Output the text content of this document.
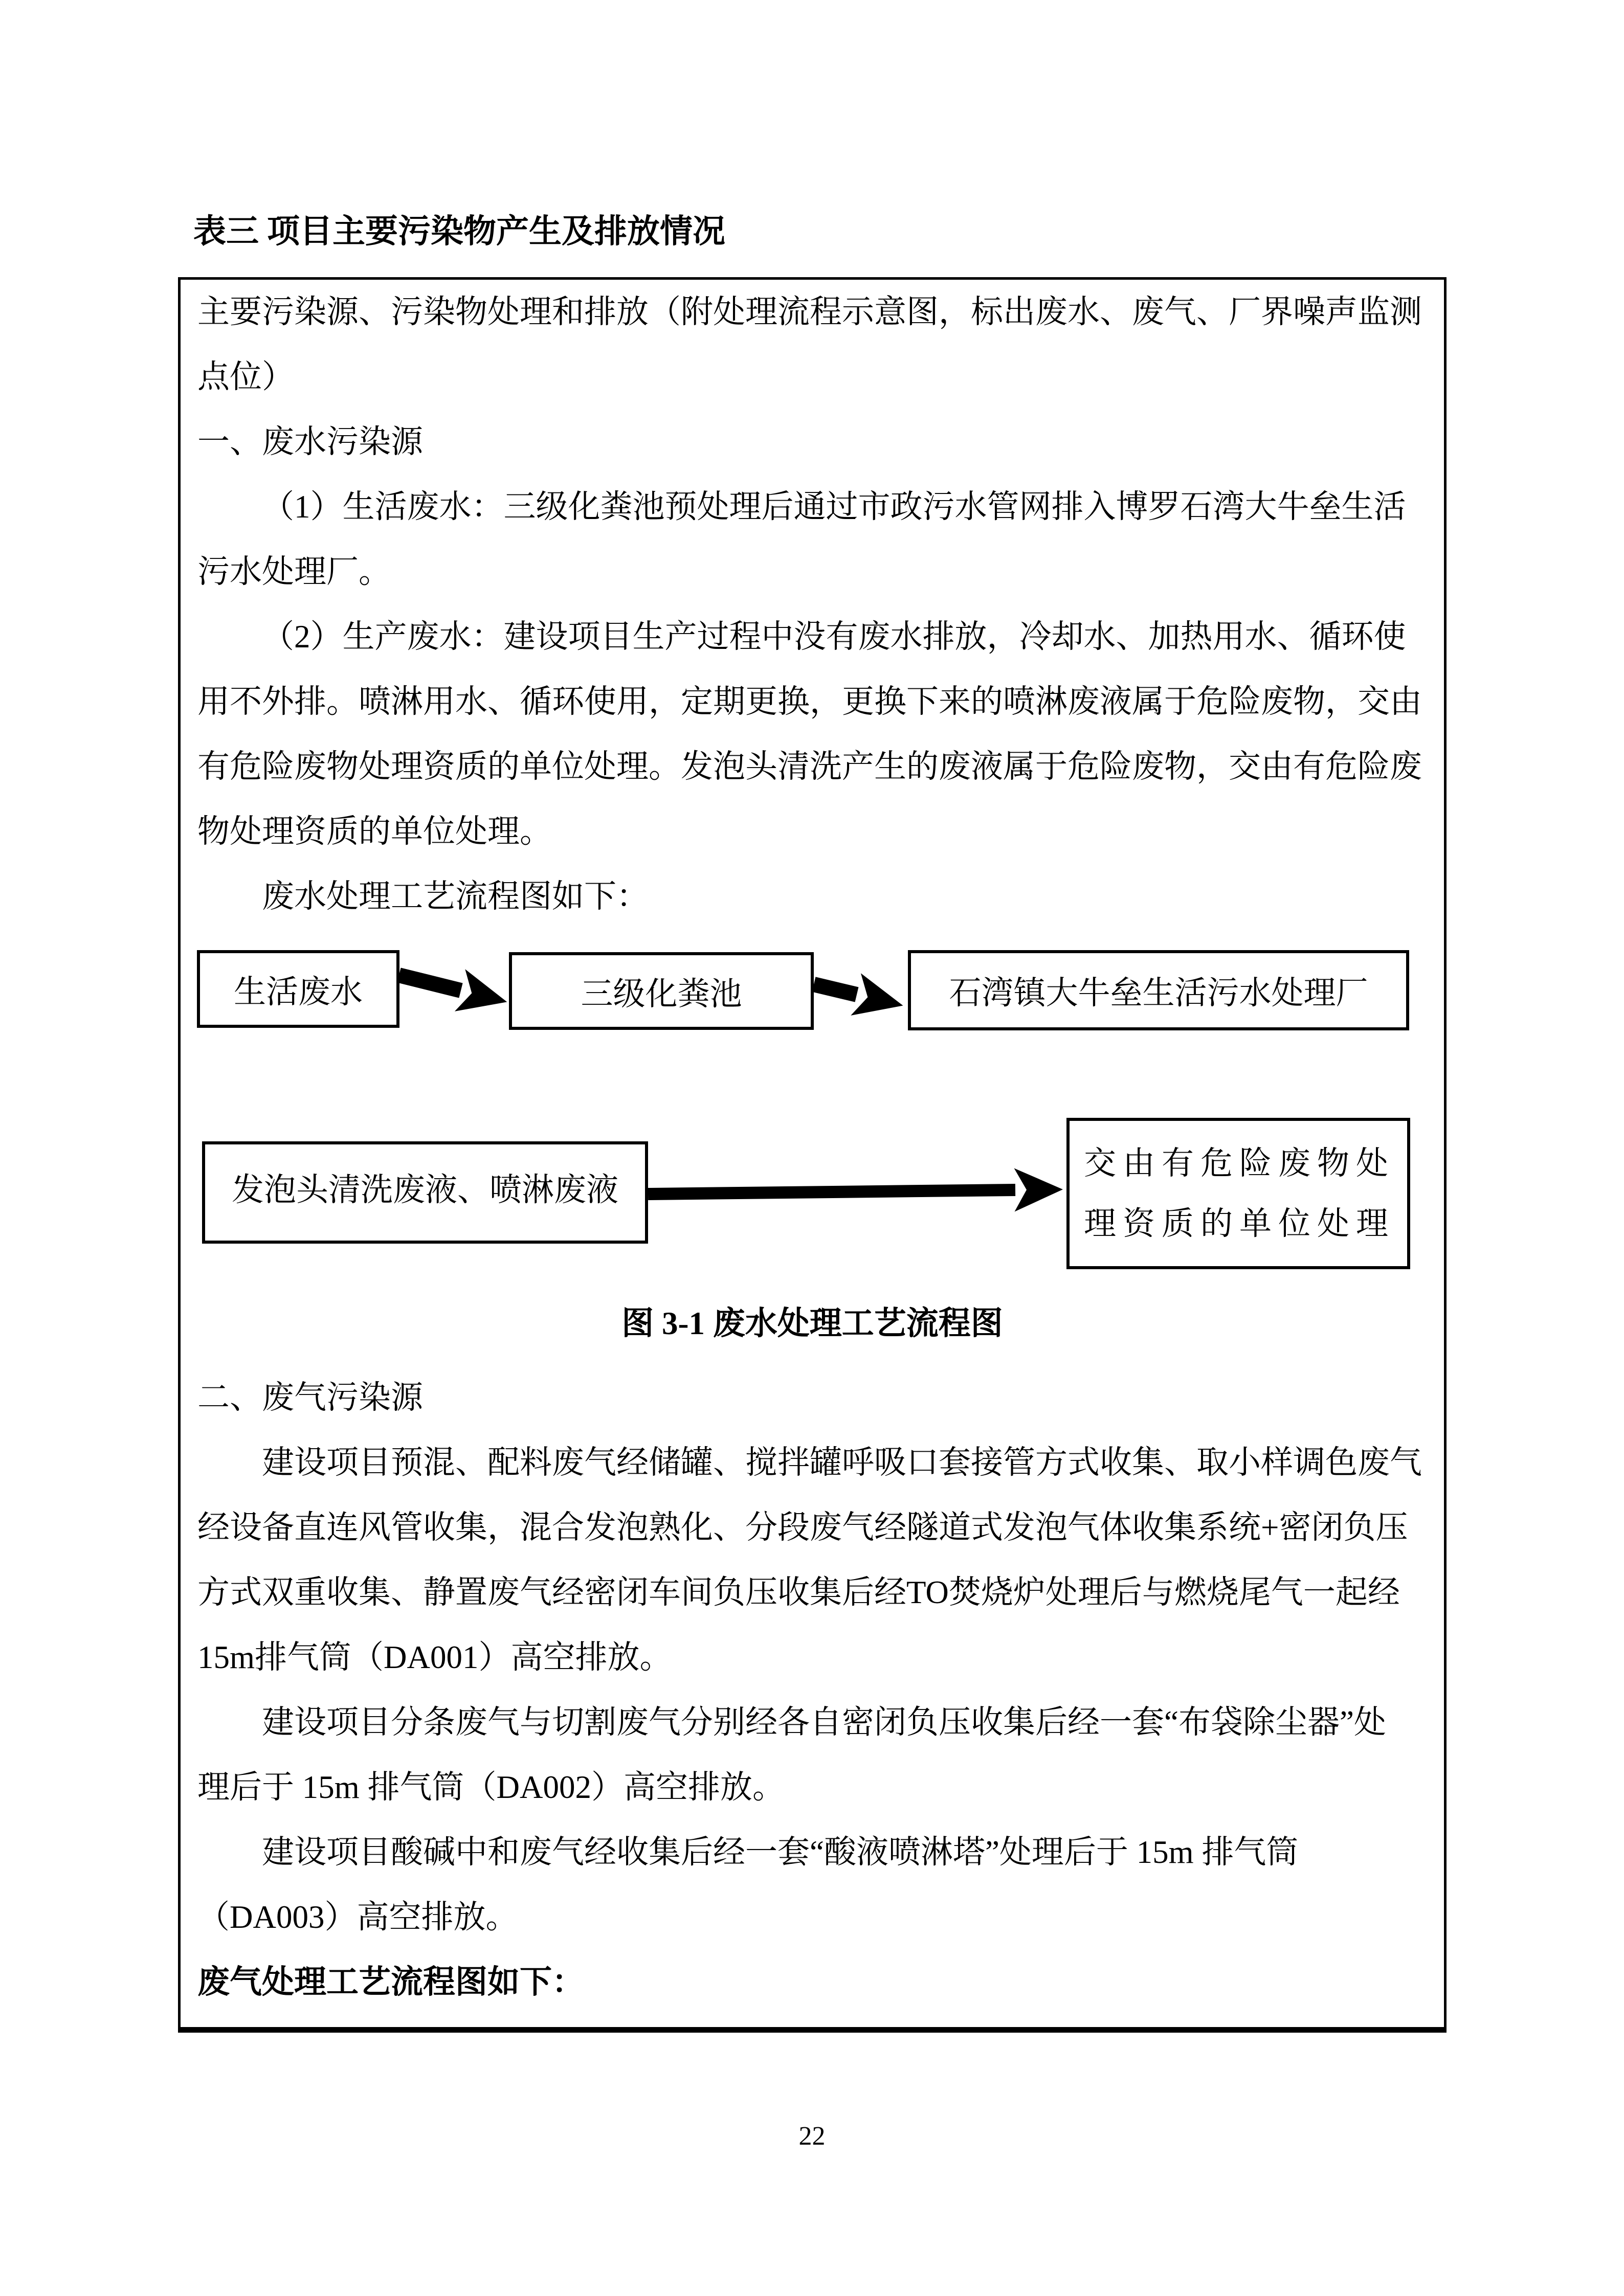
表三 项目主要污染物产生及排放情况
主要污染源、污染物处理和排放（附处理流程示意图，标出废水、废气、厂界噪声监测
点位）
一、废水污染源
（1）生活废水：三级化粪池预处理后通过市政污水管网排入博罗石湾大牛垒生活
污水处理厂。
（2）生产废水：建设项目生产过程中没有废水排放，冷却水、加热用水、循环使
用不外排。喷淋用水、循环使用，定期更换，更换下来的喷淋废液属于危险废物，交由
有危险废物处理资质的单位处理。发泡头清洗产生的废液属于危险废物，交由有危险废
物处理资质的单位处理。
废水处理工艺流程图如下：
生活废水	三级化粪池	石湾镇大牛垒生活污水处理厂
发泡头清洗废液、喷淋废液
交由有危险废物处
理资质的单位处理
图 3-1 废水处理工艺流程图
二、废气污染源
建设项目预混、配料废气经储罐、搅拌罐呼吸口套接管方式收集、取小样调色废气
经设备直连风管收集，混合发泡熟化、分段废气经隧道式发泡气体收集系统+密闭负压
方式双重收集、静置废气经密闭车间负压收集后经TO焚烧炉处理后与燃烧尾气一起经
15m排气筒（DA001）高空排放。
建设项目分条废气与切割废气分别经各自密闭负压收集后经一套“布袋除尘器”处
理后于 15m 排气筒（DA002）高空排放。
建设项目酸碱中和废气经收集后经一套“酸液喷淋塔”处理后于 15m 排气筒
（DA003）高空排放。
废气处理工艺流程图如下：
22
